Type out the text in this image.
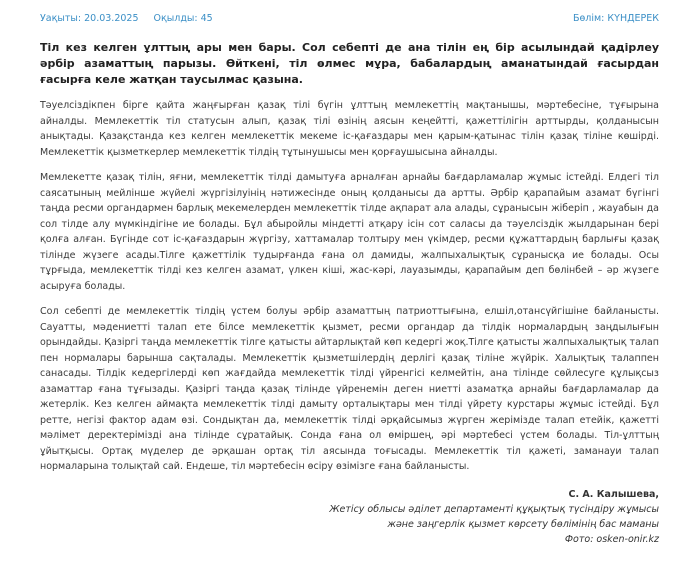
Уақыты: 20.03.2025 Оқылды: 45	Бөлім: КҮНДЕРЕК
Тіл кез келген ұлттың ары мен бары. Сол себепті де ана тілін ең бір асылындай қадірлеу әрбір азаматтың парызы. Өйткені, тіл өлмес мұра, бабалардың аманатындай ғасырдан ғасырға келе жатқан таусылмас қазына.
Тәуелсіздікпен бірге қайта жаңғырған қазақ тілі бүгін ұлттың мемлекеттің мақтанышы, мәртебесіне, тұғырына айналды. Мемлекеттік тіл статусын алып, қазақ тілі өзінің аясын кеңейтті, қажеттілігін арттырды, қолданысын анықтады. Қазақстанда кез келген мемлекеттік мекеме іс-қағаздары мен қарым-қатынас тілін қазақ тіліне көшірді. Мемлекеттік қызметкерлер мемлекеттік тілдің тұтынушысы мен қорғаушысына айналды.
Мемлекетте қазақ тілін, яғни, мемлекеттік тілді дамытуға арналған арнайы бағдарламалар жұмыс істейді. Елдегі тіл саясатының мейлінше жүйелі жүргізілуінің нәтижесінде оның қолданысы да артты. Әрбір қарапайым азамат бүгінгі таңда ресми органдармен барлық мекемелерден мемлекеттік тілде ақпарат ала алады, сұранысын жіберіп , жауабын да сол тілде алу мүмкіндігіне ие болады. Бұл абыройлы міндетті атқару ісін сот саласы да тәуелсіздік жылдарынан бері қолға алған. Бүгінде сот іс-қағаздарын жүргізу, хаттамалар толтыру мен үкімдер, ресми құжаттардың барлығы қазақ тілінде жүзеге асады.Тілге қажеттілік тудырғанда ғана ол дамиды, жалпыхалықтық сұранысқа ие болады. Осы тұрғыда, мемлекеттік тілді кез келген азамат, үлкен кіші, жас-кәрі, лауазымды, қарапайым деп бөлінбей – әр жүзеге асыруға болады.
Сол себепті де мемлекеттік тілдің үстем болуы әрбір азаматтың патриоттығына, елшіл,отансүйгішіне байланысты. Сауатты, мәдениетті талап ете білсе мемлекеттік қызмет, ресми органдар да тілдік нормалардың заңдылығын орындайды. Қазіргі таңда мемлекеттік тілге қатысты айтарлықтай көп кедергі жоқ.Тілге қатысты жалпыхалықтық талап пен нормалары барынша сақталады. Мемлекеттік қызметшілердің дерлігі қазақ тіліне жүйрік. Халықтық талаппен санасады. Тілдік кедергілерді көп жағдайда мемлекеттік тілді үйренгісі келмейтін, ана тілінде сөйлесуге құлықсыз азаматтар ғана тұғызады. Қазіргі таңда қазақ тілінде үйренемін деген ниетті азаматқа арнайы бағдарламалар да жетерлік. Кез келген аймақта мемлекеттік тілді дамыту орталықтары мен тілді үйрету курстары жұмыс істейді. Бұл ретте, негізі фактор адам өзі. Сондықтан да, мемлекеттік тілді әрқайсымыз жүрген жерімізде талап етейік, қажетті мәлімет деректерімізді ана тілінде сұратайық. Сонда ғана ол өміршең, әрі мәртебесі үстем болады. Тіл-ұлттың ұйытқысы. Ортақ мүделер де әрқашан ортақ тіл аясында тоғысады. Мемлекеттік тіл қажеті, заманауи талап нормаларына толықтай сай. Ендеше, тіл мәртебесін өсіру өзімізге ғана байланысты.
С. А. Калышева,
Жетісу облысы әділет департаменті құқықтық түсіндіру жұмысы
және заңгерлік қызмет көрсету бөлімінің бас маманы
Фото: osken-onir.kz
